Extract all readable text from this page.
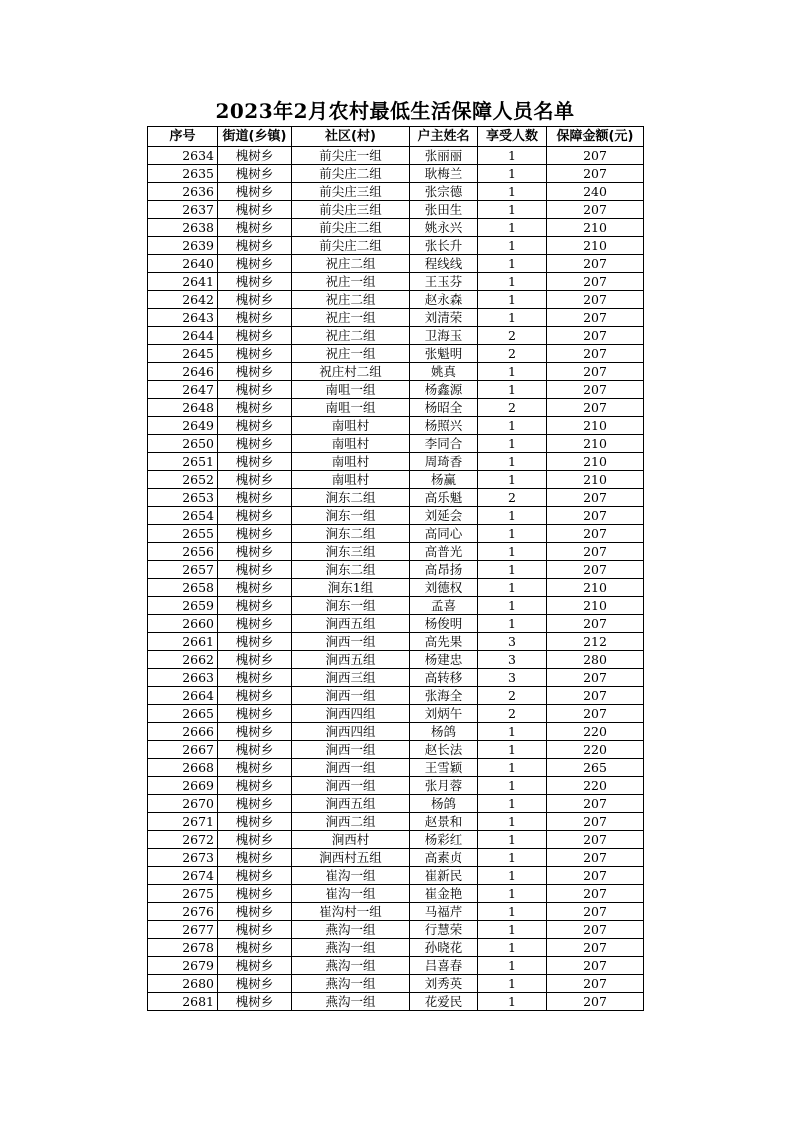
2023年2月农村最低生活保障人员名单
序号	街道(乡镇)	社区(村)	户主姓名	享受人数	保障金额(元)
2634	槐树乡	前尖庄一组	张丽丽	1	207
2635	槐树乡	前尖庄二组	耿梅兰	1	207
2636	槐树乡	前尖庄三组	张宗德	1	240
2637	槐树乡	前尖庄三组	张田生	1	207
2638	槐树乡	前尖庄二组	姚永兴	1	210
2639	槐树乡	前尖庄二组	张长升	1	210
2640	槐树乡	祝庄二组	程线线	1	207
2641	槐树乡	祝庄一组	王玉芬	1	207
2642	槐树乡	祝庄二组	赵永森	1	207
2643	槐树乡	祝庄一组	刘清荣	1	207
2644	槐树乡	祝庄二组	卫海玉	2	207
2645	槐树乡	祝庄一组	张魁明	2	207
2646	槐树乡	祝庄村二组	姚真	1	207
2647	槐树乡	南咀一组	杨鑫源	1	207
2648	槐树乡	南咀一组	杨昭全	2	207
2649	槐树乡	南咀村	杨照兴	1	210
2650	槐树乡	南咀村	李同合	1	210
2651	槐树乡	南咀村	周琦香	1	210
2652	槐树乡	南咀村	杨赢	1	210
2653	槐树乡	涧东二组	高乐魁	2	207
2654	槐树乡	涧东一组	刘延会	1	207
2655	槐树乡	涧东二组	高同心	1	207
2656	槐树乡	涧东三组	高普光	1	207
2657	槐树乡	涧东二组	高昂扬	1	207
2658	槐树乡	涧东1组	刘德权	1	210
2659	槐树乡	涧东一组	孟喜	1	210
2660	槐树乡	涧西五组	杨俊明	1	207
2661	槐树乡	涧西一组	高先果	3	212
2662	槐树乡	涧西五组	杨建忠	3	280
2663	槐树乡	涧西三组	高转移	3	207
2664	槐树乡	涧西一组	张海全	2	207
2665	槐树乡	涧西四组	刘炳午	2	207
2666	槐树乡	涧西四组	杨鸽	1	220
2667	槐树乡	涧西一组	赵长法	1	220
2668	槐树乡	涧西一组	王雪颖	1	265
2669	槐树乡	涧西一组	张月蓉	1	220
2670	槐树乡	涧西五组	杨鸽	1	207
2671	槐树乡	涧西二组	赵景和	1	207
2672	槐树乡	涧西村	杨彩红	1	207
2673	槐树乡	涧西村五组	高素贞	1	207
2674	槐树乡	崔沟一组	崔新民	1	207
2675	槐树乡	崔沟一组	崔金艳	1	207
2676	槐树乡	崔沟村一组	马福芹	1	207
2677	槐树乡	燕沟一组	行慧荣	1	207
2678	槐树乡	燕沟一组	孙晓花	1	207
2679	槐树乡	燕沟一组	吕喜春	1	207
2680	槐树乡	燕沟一组	刘秀英	1	207
2681	槐树乡	燕沟一组	花爱民	1	207
